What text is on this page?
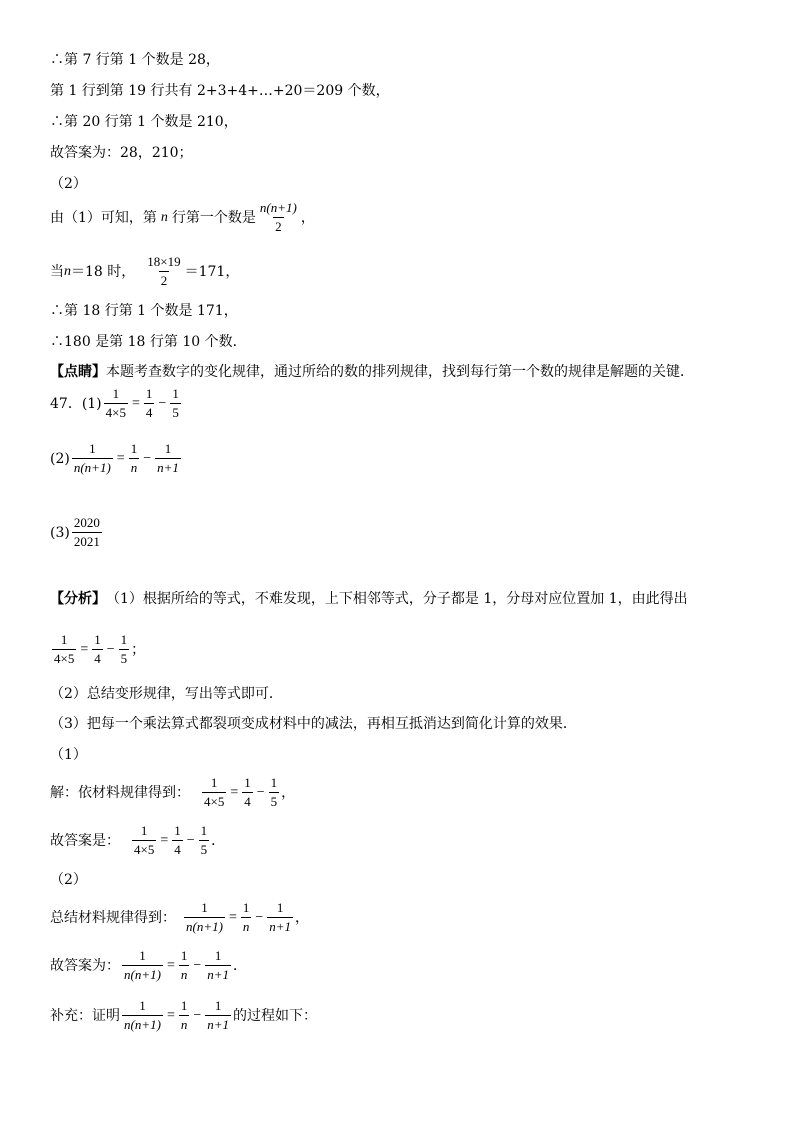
∴第 7 行第 1 个数是 28，
第 1 行到第 19 行共有 2+3+4+…+20＝209 个数，
∴第 20 行第 1 个数是 210，
故答案为：28，210；
（2）
由（1）可知，第 n 行第一个数是 $\frac{n(n+1)}{2}$ ，
当 n ＝18 时， $\frac{18\times 19}{2} =171$，
∴第 18 行第 1 个数是 171，
∴180 是第 18 行第 10 个数．
【点睛】 本题考查数字的变化规律，通过所给的数的排列规律，找到每行第一个数的规律是解题的关键．
47．$(1) \frac{1}{4\times 5} = \frac{1}{4} - \frac{1}{5}$
$(2) \frac{1}{n(n+1)} = \frac{1}{n} - \frac{1}{n+1}$
$(3) \frac{2020}{2021}$
【分析】 （1）根据所给的等式，不难发现，上下相邻等式，分子都是 1，分母对应位置加 1，由此得出
$\frac{1}{4\times 5} = \frac{1}{4} - \frac{1}{5}$ ；
（2）总结变形规律，写出等式即可．
（3）把每一个乘法算式都裂项变成材料中的减法，再相互抵消达到简化计算的效果．
（1）
解：依材料规律得到： $\frac{1}{4\times 5} = \frac{1}{4} - \frac{1}{5}$ ，
故答案是： $\frac{1}{4\times 5} = \frac{1}{4} - \frac{1}{5}$ ．
（2）
总结材料规律得到： $\frac{1}{n(n+1)} = \frac{1}{n} - \frac{1}{n+1}$ ，
故答案为： $\frac{1}{n(n+1)} = \frac{1}{n} - \frac{1}{n+1}$ ．
补充：证明 $\frac{1}{n(n+1)} = \frac{1}{n} - \frac{1}{n+1}$ 的过程如下：
